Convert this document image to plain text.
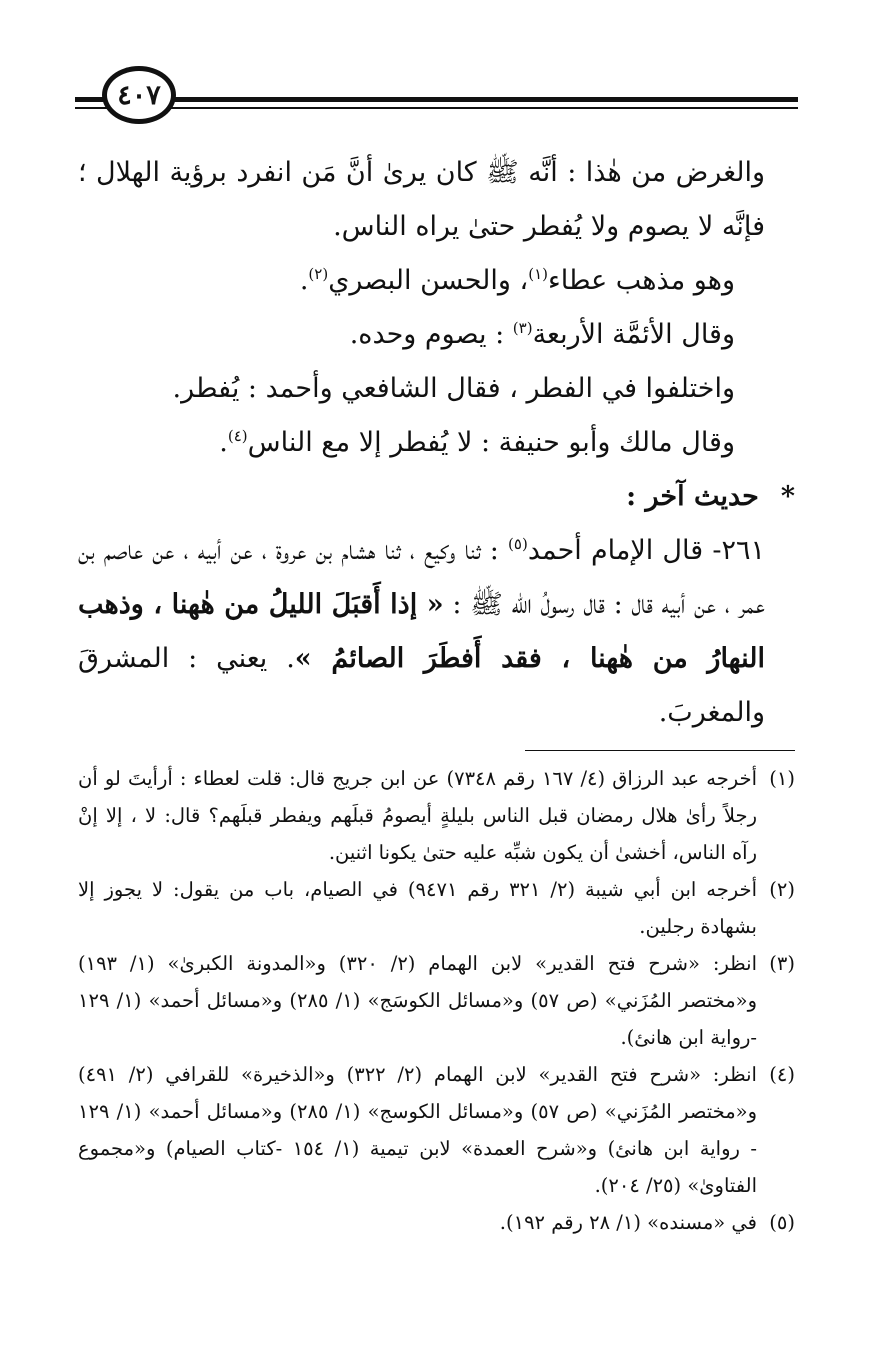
٤٠٧

والغرض من هٰذا : أنَّه ﷺ كان يرىٰ أنَّ مَن انفرد برؤية الهلال ؛ فإنَّه لا يصوم ولا يُفطر حتىٰ يراه الناس.

وهو مذهب عطاء$^{(١)}$، والحسن البصري$^{(٢)}$.

وقال الأئمَّة الأربعة$^{(٣)}$ : يصوم وحده.

واختلفوا في الفطر ، فقال الشافعي وأحمد : يُفطر.

وقال مالك وأبو حنيفة : لا يُفطر إلا مع الناس$^{(٤)}$.

*حديث آخر :

٢٦١- قال الإمام أحمد$^{(٥)}$ : ثنا وكيع ، ثنا هشام بن عروة ، عن أبيه ، عن عاصم بن عمر ، عن أبيه قال : قال رسولُ الله ﷺ : « إذا أَقبَلَ الليلُ من هٰهنا ، وذهب النهارُ من هٰهنا ، فقد أَفطَرَ الصائمُ ». يعني : المشرقَ والمغربَ.

(١)
أخرجه عبد الرزاق (٤/ ١٦٧ رقم ٧٣٤٨) عن ابن جريج قال: قلت لعطاء : أرأيتَ لو أن رجلاً رأىٰ هلال رمضان قبل الناس بليلةٍ أيصومُ قبلَهم ويفطر قبلَهم؟ قال: لا ، إلا إنْ رآه الناس، أخشىٰ أن يكون شبِّه عليه حتىٰ يكونا اثنين.
(٢)
أخرجه ابن أبي شيبة (٢/ ٣٢١ رقم ٩٤٧١) في الصيام، باب من يقول: لا يجوز إلا بشهادة رجلين.
(٣)
انظر: «شرح فتح القدير» لابن الهمام (٢/ ٣٢٠) و«المدونة الكبرىٰ» (١/ ١٩٣) و«مختصر المُزَني» (ص ٥٧) و«مسائل الكوسَج» (١/ ٢٨٥) و«مسائل أحمد» (١/ ١٢٩ -رواية ابن هانئ).
(٤)
انظر: «شرح فتح القدير» لابن الهمام (٢/ ٣٢٢) و«الذخيرة» للقرافي (٢/ ٤٩١) و«مختصر المُزَني» (ص ٥٧) و«مسائل الكوسج» (١/ ٢٨٥) و«مسائل أحمد» (١/ ١٢٩ - رواية ابن هانئ) و«شرح العمدة» لابن تيمية (١/ ١٥٤ -كتاب الصيام) و«مجموع الفتاوىٰ» (٢٥/ ٢٠٤).
(٥)
في «مسنده» (١/ ٢٨ رقم ١٩٢).
